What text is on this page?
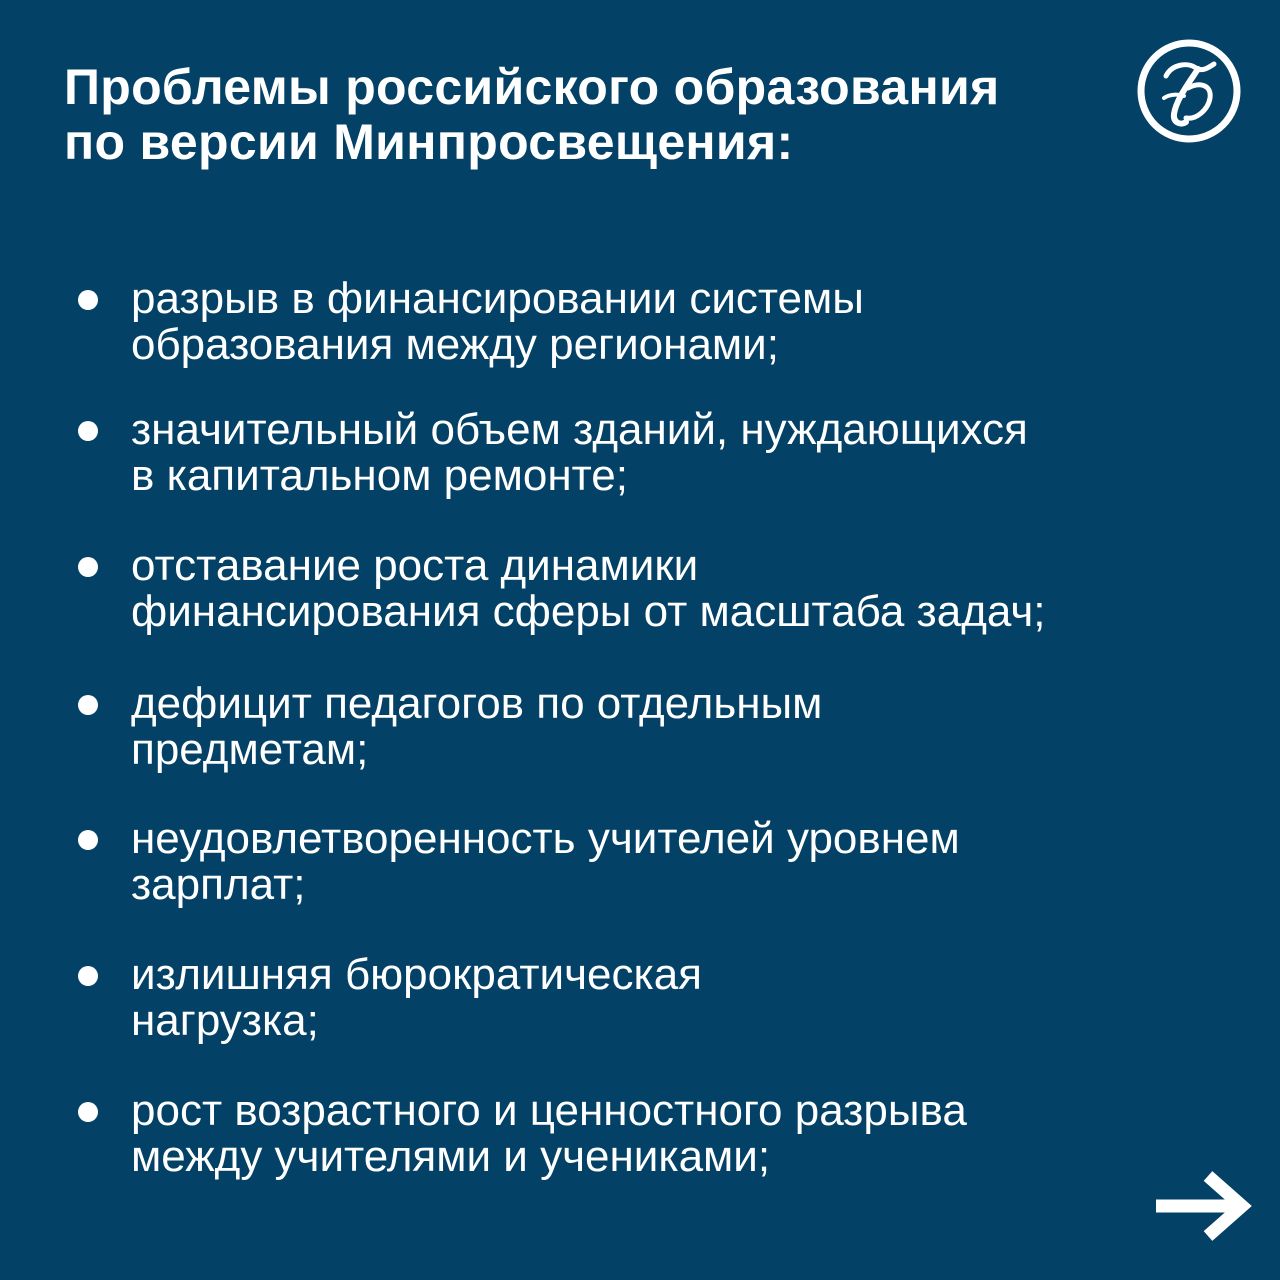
Проблемы российского образования
по версии Минпросвещения:
разрыв в финансировании системы
образования между регионами;
значительный объем зданий, нуждающихся
в капитальном ремонте;
отставание роста динамики
финансирования сферы от масштаба задач;
дефицит педагогов по отдельным
предметам;
неудовлетворенность учителей уровнем
зарплат;
излишняя бюрократическая
нагрузка;
рост возрастного и ценностного разрыва
между учителями и учениками;
